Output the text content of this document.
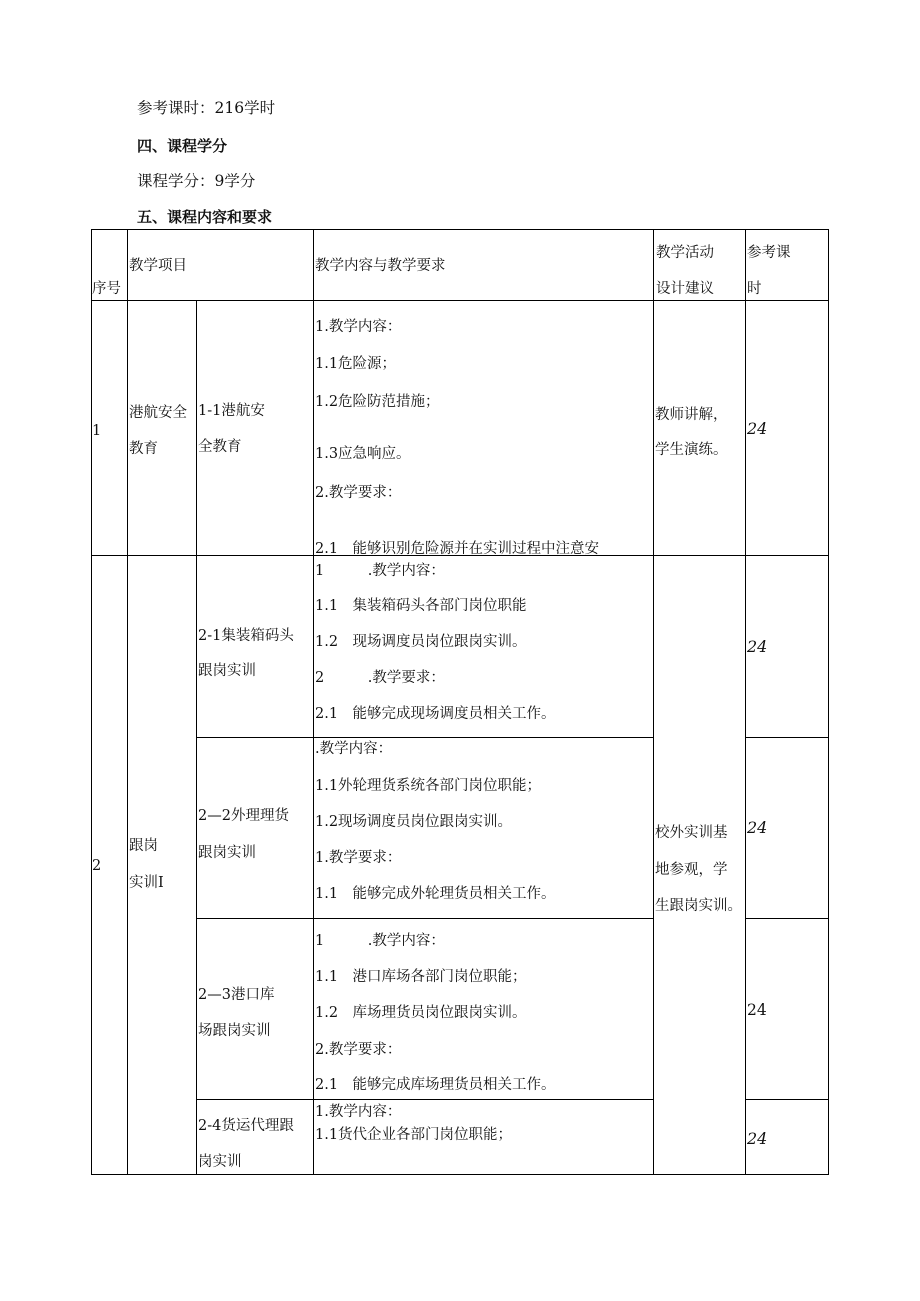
参考课时：216学时
四、课程学分
课程学分：9学分
五、课程内容和要求
序号
教学项目	教学内容与教学要求
教学活动
设计建议
参考课
时
1
港航安全
教育
1-1港航安
全教育
1.教学内容：
1.1危险源；
1.2危险防范措施；
1.3应急响应。
2.教学要求：
2.1　能够识别危险源并在实训过程中注意安
教师讲解，
学生演练。
24
2
跟岗
实训I
校外实训基
地参观，学
生跟岗实训。
2-1集装箱码头
跟岗实训
1　　　.教学内容：
1.1　集装箱码头各部门岗位职能
1.2　现场调度员岗位跟岗实训。
2　　　.教学要求：
2.1　能够完成现场调度员相关工作。
24
2—2外理理货
跟岗实训
.教学内容：
1.1外轮理货系统各部门岗位职能；
1.2现场调度员岗位跟岗实训。
1.教学要求：
1.1　能够完成外轮理货员相关工作。
24
2—3港口库
场跟岗实训
1　　　.教学内容：
1.1　港口库场各部门岗位职能；
1.2　库场理货员岗位跟岗实训。
2.教学要求：
2.1　能够完成库场理货员相关工作。
24
2-4货运代理跟
岗实训
1.教学内容：
1.1货代企业各部门岗位职能；	24
